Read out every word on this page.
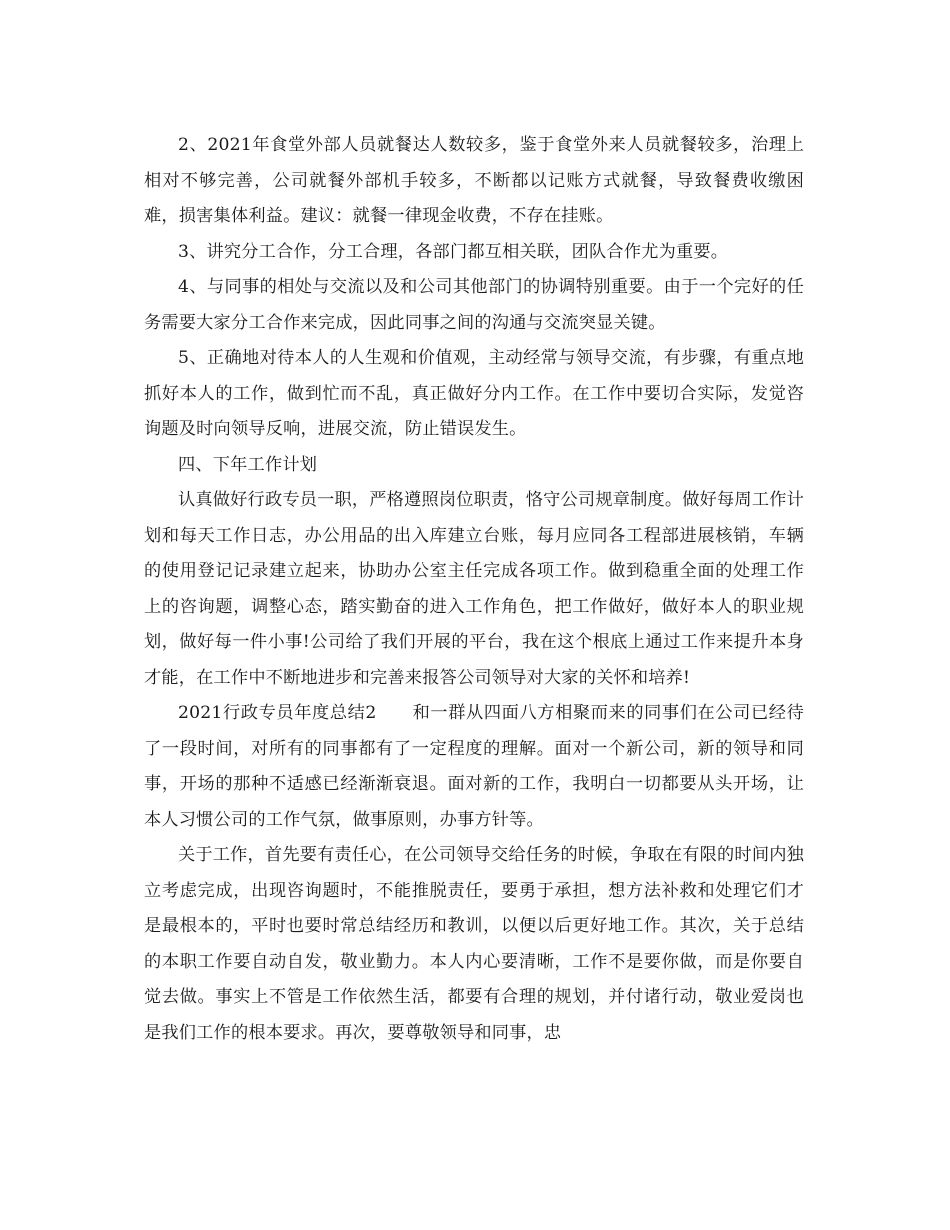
2、2021年食堂外部人员就餐达人数较多，鉴于食堂外来人员就餐较多，治理上相对不够完善，公司就餐外部机手较多，不断都以记账方式就餐，导致餐费收缴困难，损害集体利益。建议：就餐一律现金收费，不存在挂账。

3、讲究分工合作，分工合理，各部门都互相关联，团队合作尤为重要。

4、与同事的相处与交流以及和公司其他部门的协调特别重要。由于一个完好的任务需要大家分工合作来完成，因此同事之间的沟通与交流突显关键。

5、正确地对待本人的人生观和价值观，主动经常与领导交流，有步骤，有重点地抓好本人的工作，做到忙而不乱，真正做好分内工作。在工作中要切合实际，发觉咨询题及时向领导反响，进展交流，防止错误发生。

四、下年工作计划

认真做好行政专员一职，严格遵照岗位职责，恪守公司规章制度。做好每周工作计划和每天工作日志，办公用品的出入库建立台账，每月应同各工程部进展核销，车辆的使用登记记录建立起来，协助办公室主任完成各项工作。做到稳重全面的处理工作上的咨询题，调整心态，踏实勤奋的进入工作角色，把工作做好，做好本人的职业规划，做好每一件小事!公司给了我们开展的平台，我在这个根底上通过工作来提升本身才能，在工作中不断地进步和完善来报答公司领导对大家的关怀和培养!

2021行政专员年度总结2　　和一群从四面八方相聚而来的同事们在公司已经待了一段时间，对所有的同事都有了一定程度的理解。面对一个新公司，新的领导和同事，开场的那种不适感已经渐渐衰退。面对新的工作，我明白一切都要从头开场，让本人习惯公司的工作气氛，做事原则，办事方针等。

关于工作，首先要有责任心，在公司领导交给任务的时候，争取在有限的时间内独立考虑完成，出现咨询题时，不能推脱责任，要勇于承担，想方法补救和处理它们才是最根本的，平时也要时常总结经历和教训，以便以后更好地工作。其次，关于总结的本职工作要自动自发，敬业勤力。本人内心要清晰，工作不是要你做，而是你要自觉去做。事实上不管是工作依然生活，都要有合理的规划，并付诸行动，敬业爱岗也是我们工作的根本要求。再次，要尊敬领导和同事，忠
